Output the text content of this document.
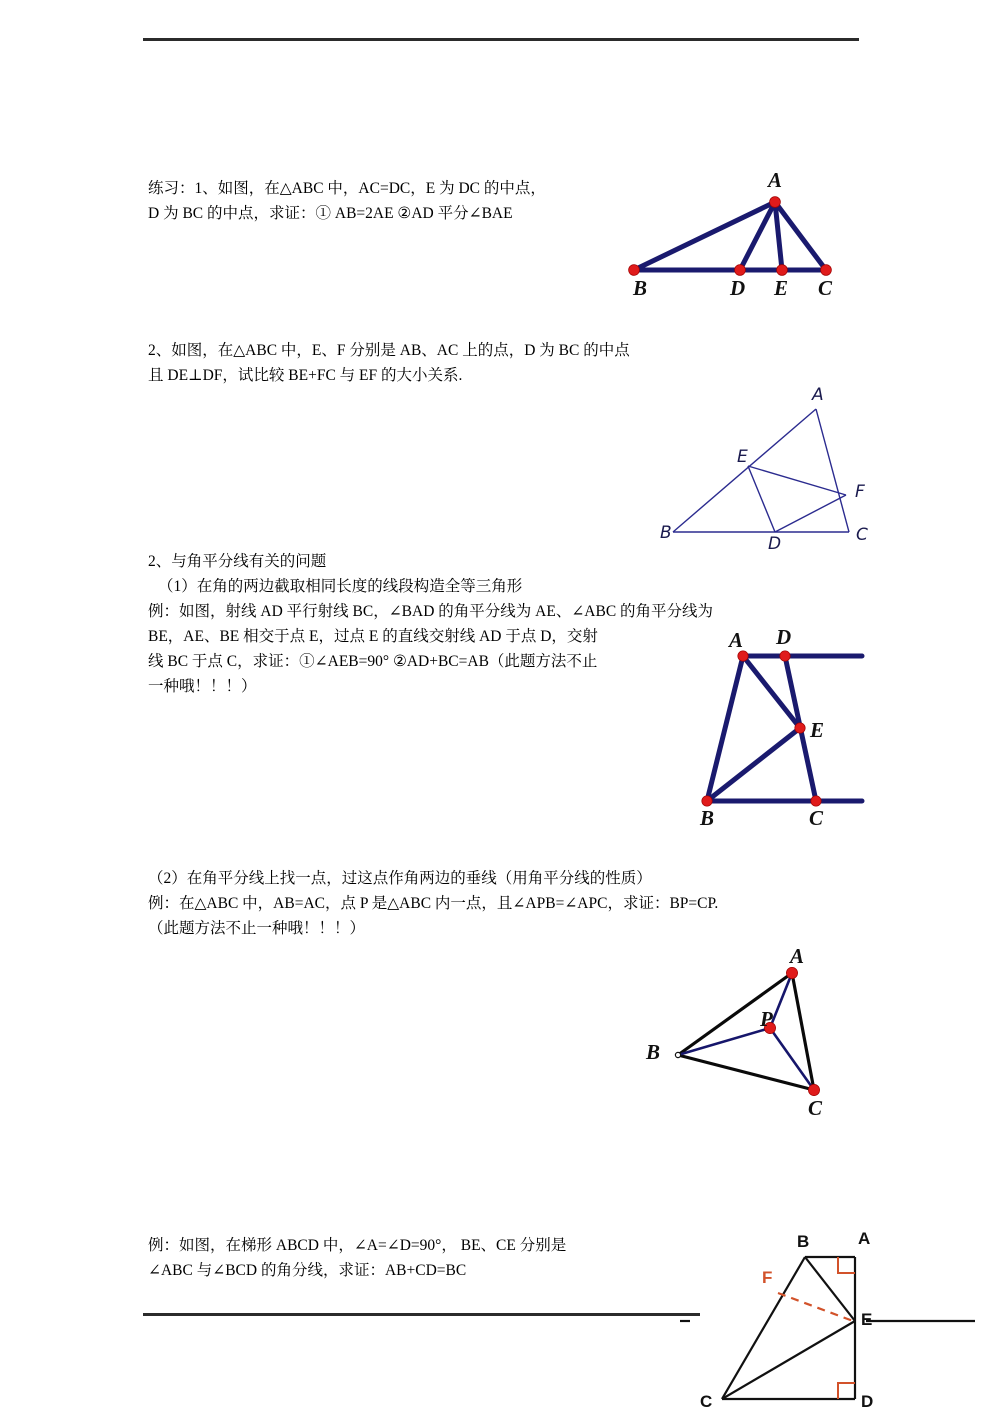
练习：1、如图，在△ABC 中，AC=DC，E 为 DC 的中点，
D 为 BC 的中点，求证：① AB=2AE ②AD 平分∠BAE
A
B	D E C
2、如图，在△ABC 中，E、F 分别是 AB、AC 上的点，D 为 BC 的中点
且 DE⊥DF，试比较 BE+FC 与 EF 的大小关系.
A
E
F
B
D	C
2、与角平分线有关的问题
（1）在角的两边截取相同长度的线段构造全等三角形
例：如图，射线 AD 平行射线 BC，∠BAD 的角平分线为 AE、∠ABC 的角平分线为
BE，AE、BE 相交于点 E，过点 E 的直线交射线 AD 于点 D，交射
线 BC 于点 C，求证：①∠AEB=90° ②AD+BC=AB（此题方法不止
一种哦！！！）
A D
E
B	C
（2）在角平分线上找一点，过这点作角两边的垂线（用角平分线的性质）
例：在△ABC 中，AB=AC，点 P 是△ABC 内一点，且∠APB=∠APC，求证：BP=CP.
（此题方法不止一种哦！！！）
A
P
B
C
例：如图，在梯形 ABCD 中，∠A=∠D=90°， BE、CE 分别是
∠ABC 与∠BCD 的角分线，求证：AB+CD=BC
B	A
F
E
C	D
